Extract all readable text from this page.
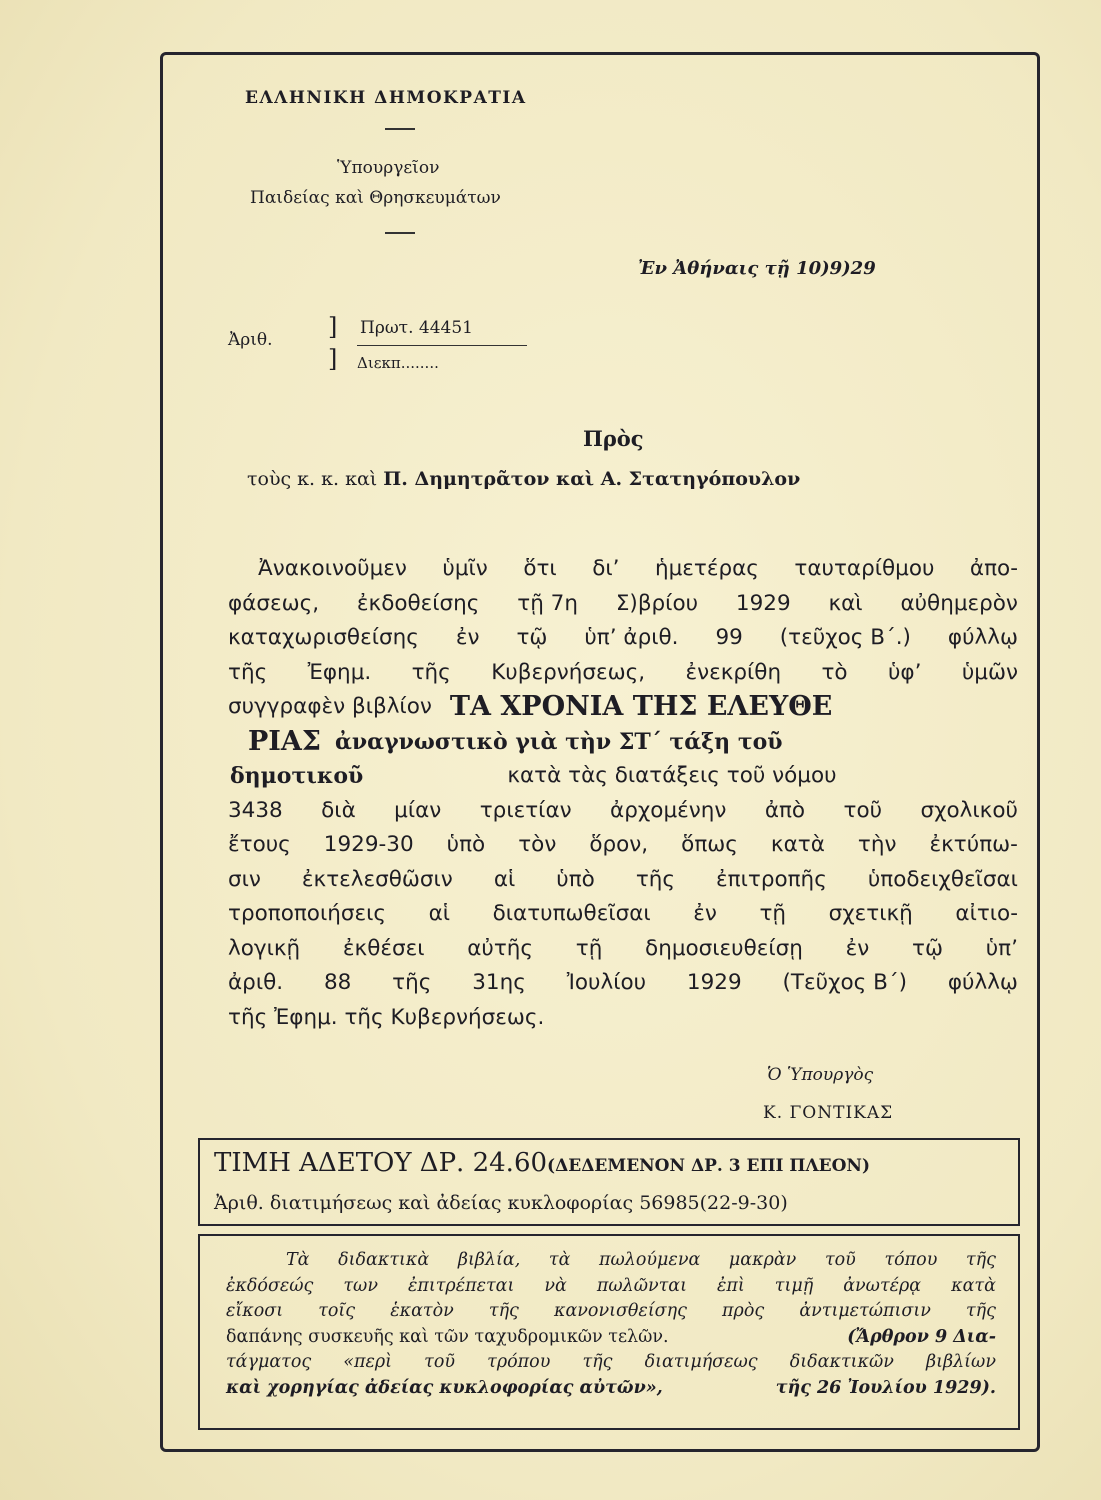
ΕΛΛΗΝΙΚΗ ΔΗΜΟΚΡΑΤΙΑ
Ὑπουργεῖον
Παιδείας καὶ Θρησκευμάτων
Ἐν Ἀθήναις τῇ 10)9)29
Ἀριθ. ]
]
Πρωτ. 44451
Διεκπ........
Πρὸς
τοὺς κ. κ. καὶ Π. Δημητρᾶτον καὶ Α. Στατηγόπουλον
Ἀνακοινοῦμεν ὑμῖν ὅτι δι’ ἡμετέρας ταυταρίθμου ἀπο-
φάσεως, ἐκδοθείσης τῇ 7η Σ)βρίου 1929 καὶ αὐθημερὸν
καταχωρισθείσης ἐν τῷ ὑπ’ ἀριθ. 99 (τεῦχος Β΄.) φύλλῳ
τῆς Ἐφημ. τῆς Κυβερνήσεως, ἐνεκρίθη τὸ ὑφ’ ὑμῶν
συγγραφὲν βιβλίον ΤΑ ΧΡΟΝΙΑ ΤΗΣ ΕΛΕΥΘΕ
ΡΙΑΣ ἀναγνωστικὸ γιὰ τὴν ΣΤ΄ τάξη τοῦ
δημοτικοῦ	κατὰ τὰς διατάξεις τοῦ νόμου
3438 διὰ μίαν τριετίαν ἀρχομένην ἀπὸ τοῦ σχολικοῦ
ἔτους 1929-30 ὑπὸ τὸν ὅρον, ὅπως κατὰ τὴν ἐκτύπω-
σιν ἐκτελεσθῶσιν αἱ ὑπὸ τῆς ἐπιτροπῆς ὑποδειχθεῖσαι
τροποποιήσεις αἱ διατυπωθεῖσαι ἐν τῇ σχετικῇ αἰτιο-
λογικῇ ἐκθέσει αὐτῆς τῇ δημοσιευθείσῃ ἐν τῷ ὑπ’
ἀριθ. 88 τῆς 31ης Ἰουλίου 1929 (Τεῦχος Β΄) φύλλῳ
τῆς Ἐφημ. τῆς Κυβερνήσεως.
Ὁ Ὑπουργὸς
Κ. ΓΟΝΤΙΚΑΣ
ΤΙΜΗ ΑΔΕΤΟΥ ΔΡ. 24.60(ΔΕΔΕΜΕΝΟΝ ΔΡ. 3 ΕΠΙ ΠΛΕΟΝ)
Ἀριθ. διατιμήσεως καὶ ἀδείας κυκλοφορίας 56985(22-9-30)
Τὰ διδακτικὰ βιβλία, τὰ πωλούμενα μακρὰν τοῦ τόπου τῆς
ἐκδόσεώς των ἐπιτρέπεται νὰ πωλῶνται ἐπὶ τιμῇ ἀνωτέρᾳ κατὰ
εἴκοσι τοῖς ἑκατὸν τῆς κανονισθείσης πρὸς ἀντιμετώπισιν τῆς
δαπάνης συσκευῆς καὶ τῶν ταχυδρομικῶν τελῶν.	(Ἄρθρον 9 Δια-
τάγματος «περὶ τοῦ τρόπου τῆς διατιμήσεως διδακτικῶν βιβλίων
καὶ χορηγίας ἀδείας κυκλοφορίας αὐτῶν»,	τῆς 26 Ἰουλίου 1929).
